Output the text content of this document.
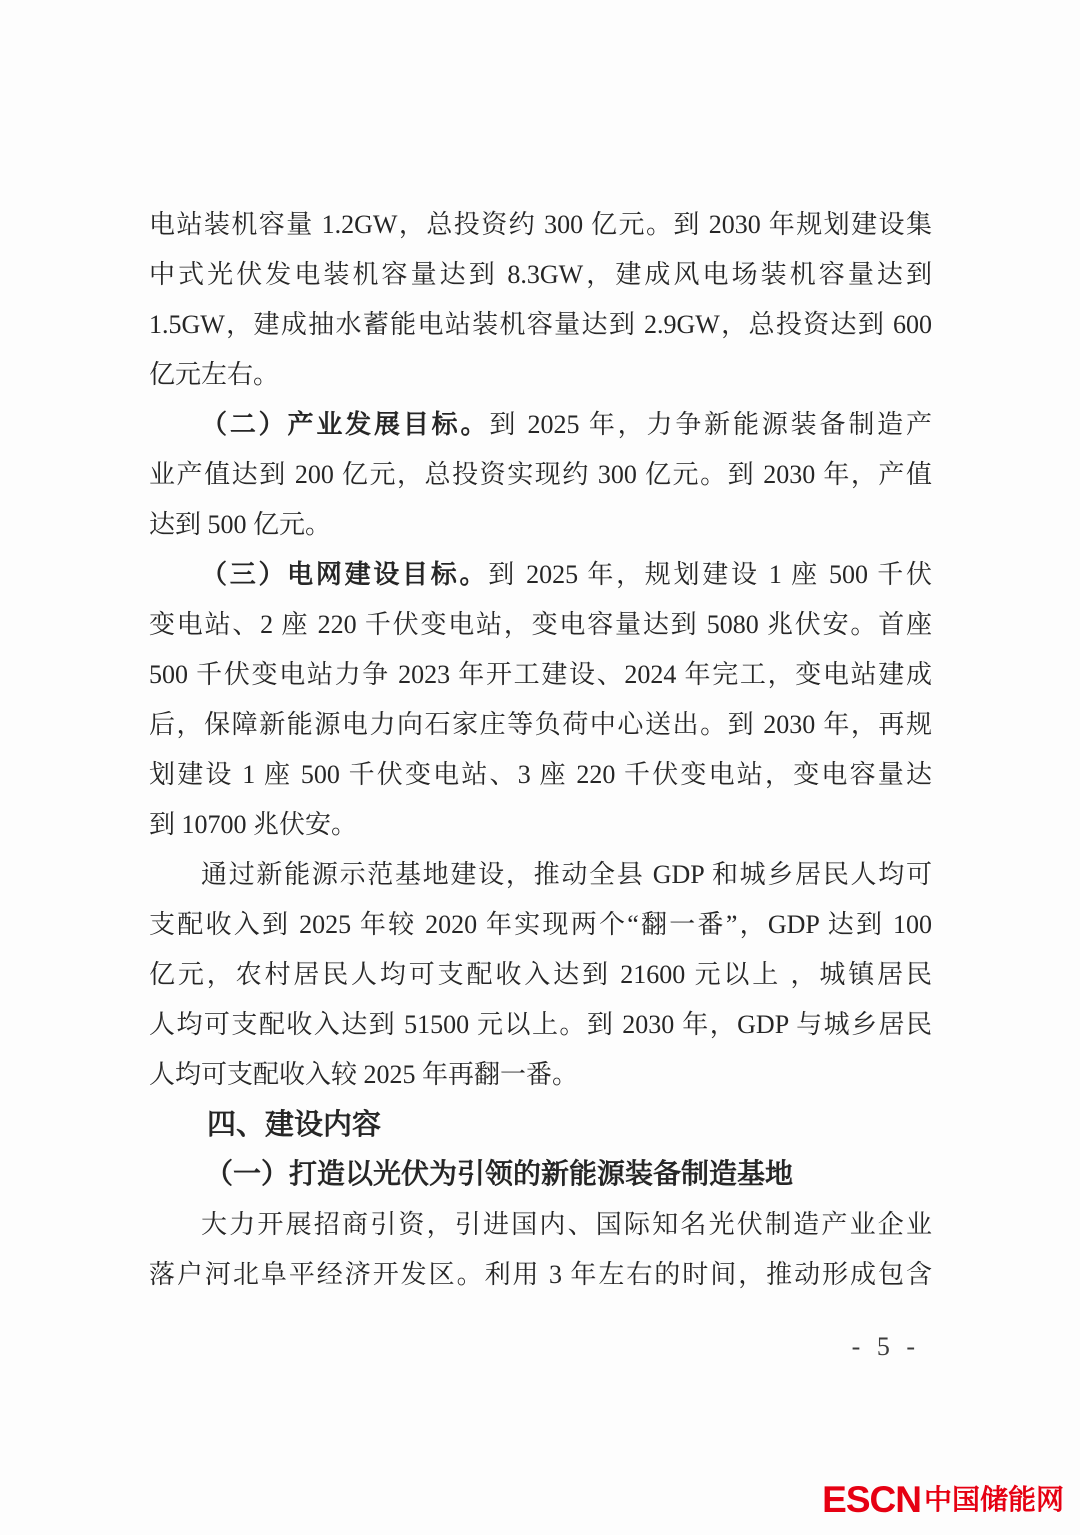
电站装机容量 1.2GW，总投资约 300 亿元。到 2030 年规划建设集
中式光伏发电装机容量达到 8.3GW，建成风电场装机容量达到
1.5GW，建成抽水蓄能电站装机容量达到 2.9GW，总投资达到 600
亿元左右。
（二）产业发展目标。到 2025 年，力争新能源装备制造产
业产值达到 200 亿元，总投资实现约 300 亿元。到 2030 年，产值
达到 500 亿元。
（三）电网建设目标。到 2025 年，规划建设 1 座 500 千伏
变电站、2 座 220 千伏变电站，变电容量达到 5080 兆伏安。首座
500 千伏变电站力争 2023 年开工建设、2024 年完工，变电站建成
后，保障新能源电力向石家庄等负荷中心送出。到 2030 年，再规
划建设 1 座 500 千伏变电站、3 座 220 千伏变电站，变电容量达
到 10700 兆伏安。
通过新能源示范基地建设，推动全县 GDP 和城乡居民人均可
支配收入到 2025 年较 2020 年实现两个“翻一番”，GDP 达到 100
亿元，农村居民人均可支配收入达到 21600 元以上 ，城镇居民
人均可支配收入达到 51500 元以上。到 2030 年，GDP 与城乡居民
人均可支配收入较 2025 年再翻一番。
四、建设内容
（一）打造以光伏为引领的新能源装备制造基地
大力开展招商引资，引进国内、国际知名光伏制造产业企业
落户河北阜平经济开发区。利用 3 年左右的时间，推动形成包含
- 5 -
ESCN 中国储能网
